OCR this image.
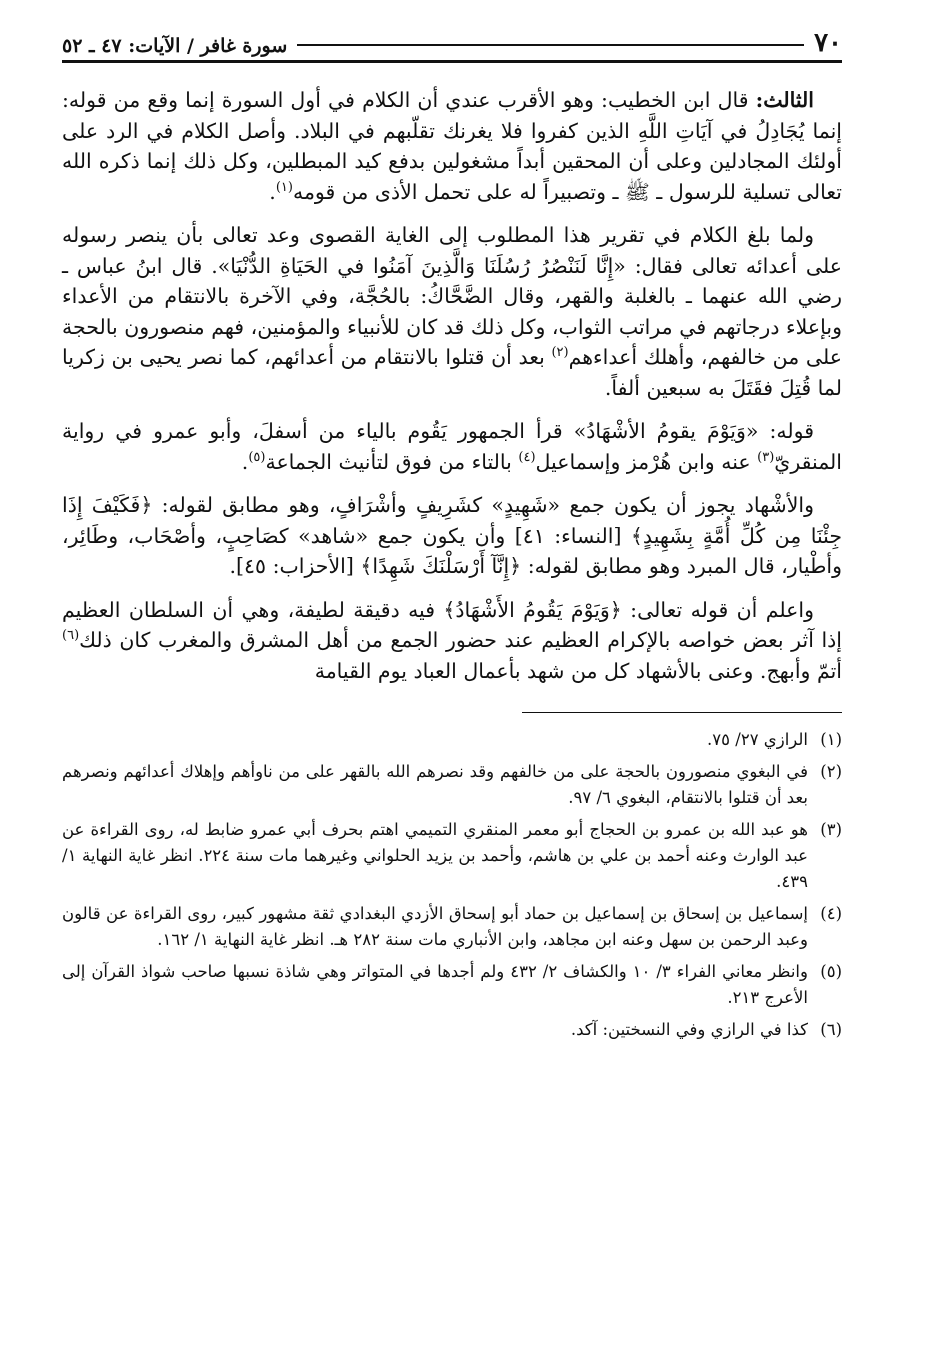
٧٠
سورة غافر / الآيات: ٤٧ ـ ٥٢

الثالث: قال ابن الخطيب: وهو الأقرب عندي أن الكلام في أول السورة إنما وقع من قوله: إنما يُجَادِلُ في آيَاتِ اللَّهِ الذين كفروا فلا يغرنك تقلّبهم في البلاد. وأصل الكلام في الرد على أولئك المجادلين وعلى أن المحقين أبداً مشغولين بدفع كيد المبطلين، وكل ذلك إنما ذكره الله تعالى تسلية للرسول ـ ﷺ ـ وتصبيراً له على تحمل الأذى من قومه$^{(١)}$.

ولما بلغ الكلام في تقرير هذا المطلوب إلى الغاية القصوى وعد تعالى بأن ينصر رسوله على أعدائه تعالى فقال: «إِنَّا لَنَنْصُرُ رُسُلَنَا وَالَّذِينَ آمَنُوا في الحَيَاةِ الدُّنْيَا». قال ابنُ عباس ـ رضي الله عنهما ـ بالغلبة والقهر، وقال الضَّحَّاكُ: بالحُجَّة، وفي الآخرة بالانتقام من الأعداء وبإعلاء درجاتهم في مراتب الثواب، وكل ذلك قد كان للأنبياء والمؤمنين، فهم منصورون بالحجة على من خالفهم، وأهلك أعداءهم$^{(٢)}$ بعد أن قتلوا بالانتقام من أعدائهم، كما نصر يحيى بن زكريا لما قُتِلَ فقَتَلَ به سبعين ألفاً.

قوله: «وَيَوْمَ يقومُ الأشْهَادُ» قرأ الجمهور يَقُوم بالياء من أسفلَ، وأبو عمرو في رواية المنقريّ$^{(٣)}$ عنه وابن هُرْمز وإسماعيل$^{(٤)}$ بالتاء من فوق لتأنيث الجماعة$^{(٥)}$.

والأشْهاد يجوز أن يكون جمع «شَهِيدٍ» كشَرِيفٍ وأشْرَافٍ، وهو مطابق لقوله: ﴿فَكَيْفَ إِذَا جِئْنَا مِن كُلِّ أُمَّةٍ بِشَهِيدٍ﴾ [النساء: ٤١] وأن يكون جمع «شاهد» كصَاحِبٍ، وأصْحَاب، وطَائِر، وأطْيار، قال المبرد وهو مطابق لقوله: ﴿إِنَّآ أَرْسَلْنَكَ شَهِدًا﴾ [الأحزاب: ٤٥].

واعلم أن قوله تعالى: ﴿وَيَوْمَ يَقُومُ الأَشْهَادُ﴾ فيه دقيقة لطيفة، وهي أن السلطان العظيم إذا آثر بعض خواصه بالإكرام العظيم عند حضور الجمع من أهل المشرق والمغرب كان ذلك$^{(٦)}$ أتمّ وأبهج. وعنى بالأشهاد كل من شهد بأعمال العباد يوم القيامة

(١)
الرازي ٢٧/ ٧٥.
(٢)
في البغوي منصورون بالحجة على من خالفهم وقد نصرهم الله بالقهر على من ناوأهم وإهلاك أعدائهم ونصرهم بعد أن قتلوا بالانتقام، البغوي ٦/ ٩٧.
(٣)
هو عبد الله بن عمرو بن الحجاج أبو معمر المنقري التميمي اهتم بحرف أبي عمرو ضابط له، روى القراءة عن عبد الوارث وعنه أحمد بن علي بن هاشم، وأحمد بن يزيد الحلواني وغيرهما مات سنة ٢٢٤. انظر غاية النهاية ١/ ٤٣٩.
(٤)
إسماعيل بن إسحاق بن إسماعيل بن حماد أبو إسحاق الأزدي البغدادي ثقة مشهور كبير، روى القراءة عن قالون وعبد الرحمن بن سهل وعنه ابن مجاهد، وابن الأنباري مات سنة ٢٨٢ هـ. انظر غاية النهاية ١/ ١٦٢.
(٥)
وانظر معاني الفراء ٣/ ١٠ والكشاف ٢/ ٤٣٢ ولم أجدها في المتواتر وهي شاذة نسبها صاحب شواذ القرآن إلى الأعرج ٢١٣.
(٦)
كذا في الرازي وفي النسختين: آكد.
